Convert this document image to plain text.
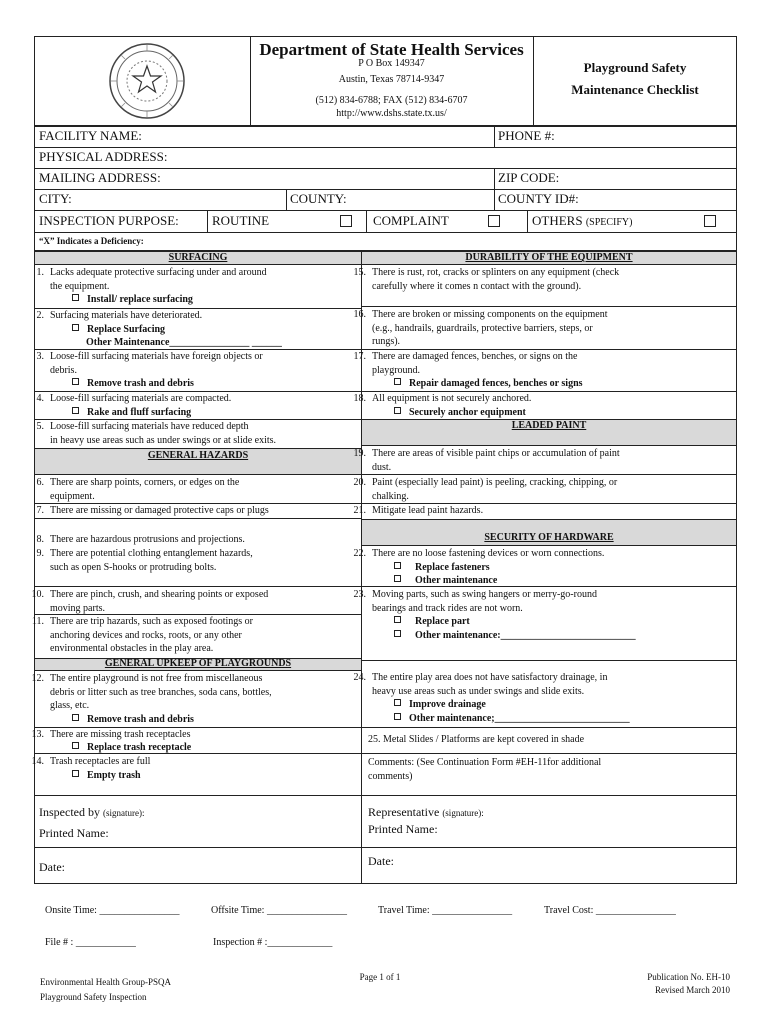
Department of State Health Services
P O Box 149347
Austin, Texas 78714-9347
(512) 834-6788; FAX (512) 834-6707
http://www.dshs.state.tx.us/
Playground Safety
Maintenance Checklist
FACILITY NAME:	PHONE #:
PHYSICAL ADDRESS:
MAILING ADDRESS:	ZIP CODE:
CITY:	COUNTY:	COUNTY ID#:
INSPECTION PURPOSE:	ROUTINE	COMPLAINT	OTHERS (SPECIFY)
“X” Indicates a Deficiency:
SURFACING
GENERAL HAZARDS
GENERAL UPKEEP OF PLAYGROUNDS
DURABILITY OF THE EQUIPMENT
LEADED PAINT
SECURITY OF HARDWARE
1. Lacks adequate protective surfacing under and around
the equipment.
Install/ replace surfacing
2. Surfacing materials have deteriorated.
Replace Surfacing
Other Maintenance________________ ______
3. Loose-fill surfacing materials have foreign objects or
debris.
Remove trash and debris
4. Loose-fill surfacing materials are compacted.
Rake and fluff surfacing
5. Loose-fill surfacing materials have reduced depth
in heavy use areas such as under swings or at slide exits.
6. There are sharp points, corners, or edges on the
equipment.
7. There are missing or damaged protective caps or plugs
8. There are hazardous protrusions and projections.
9. There are potential clothing entanglement hazards,
such as open S-hooks or protruding bolts.
10. There are pinch, crush, and shearing points or exposed
moving parts.
11. There are trip hazards, such as exposed footings or
anchoring devices and rocks, roots, or any other
environmental obstacles in the play area.
12. The entire playground is not free from miscellaneous
debris or litter such as tree branches, soda cans, bottles,
glass, etc.
Remove trash and debris
13. There are missing trash receptacles
Replace trash receptacle
14. Trash receptacles are full
Empty trash
15. There is rust, rot, cracks or splinters on any equipment (check
carefully where it comes n contact with the ground).
16. There are broken or missing components on the equipment
(e.g., handrails, guardrails, protective barriers, steps, or
rungs).
17. There are damaged fences, benches, or signs on the
playground.
Repair damaged fences, benches or signs
18. All equipment is not securely anchored.
Securely anchor equipment
19. There are areas of visible paint chips or accumulation of paint
dust.
20. Paint (especially lead paint) is peeling, cracking, chipping, or
chalking.
21. Mitigate lead paint hazards.
22. There are no loose fastening devices or worn connections.
Replace fasteners
Other maintenance
23. Moving parts, such as swing hangers or merry-go-round
bearings and track rides are not worn.
Replace part
Other maintenance:___________________________
24. The entire play area does not have satisfactory drainage, in
heavy use areas such as under swings and slide exits.
Improve drainage
Other maintenance;___________________________
25. Metal Slides / Platforms are kept covered in shade
Comments: (See Continuation Form #EH-11for additional
comments)
Inspected by (signature):
Printed Name:
Date:
Representative (signature):
Printed Name:
Date:
Onsite Time: ________________	Offsite Time: ________________	Travel Time: ________________	Travel Cost: ________________
File # : ____________	Inspection # :_____________
Environmental Health Group-PSQA
Playground Safety Inspection
Page 1 of 1	Publication No. EH-10
Revised March 2010
